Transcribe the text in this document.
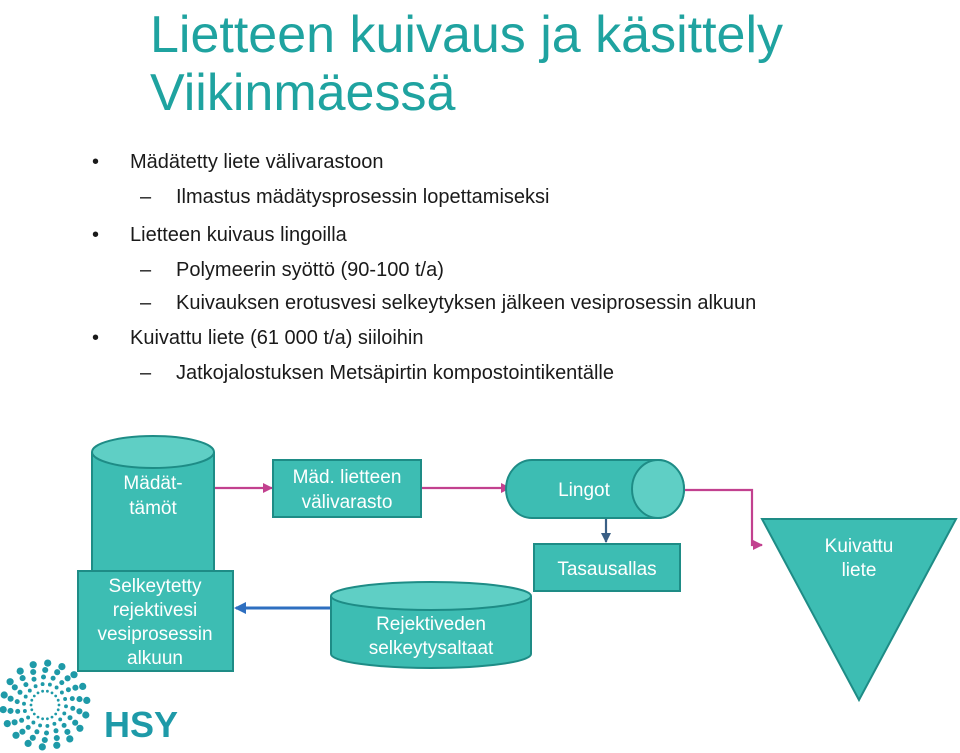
Lietteen kuivaus ja käsittely
Viikinmäessä
• Mädätetty liete välivarastoon
– Ilmastus mädätysprosessin lopettamiseksi
• Lietteen kuivaus lingoilla
– Polymeerin syöttö (90-100 t/a)
– Kuivauksen erotusvesi selkeytyksen jälkeen vesiprosessin alkuun
• Kuivattu liete (61 000 t/a) siiloihin
– Jatkojalostuksen Metsäpirtin kompostointikentälle
Mädät-
tämöt
Mäd. lietteen
välivarasto
Lingot
Tasausallas
Kuivattu
liete
Rejektiveden
selkeytysaltaat
Selkeytetty
rejektivesi
vesiprosessin
alkuun
HSY
